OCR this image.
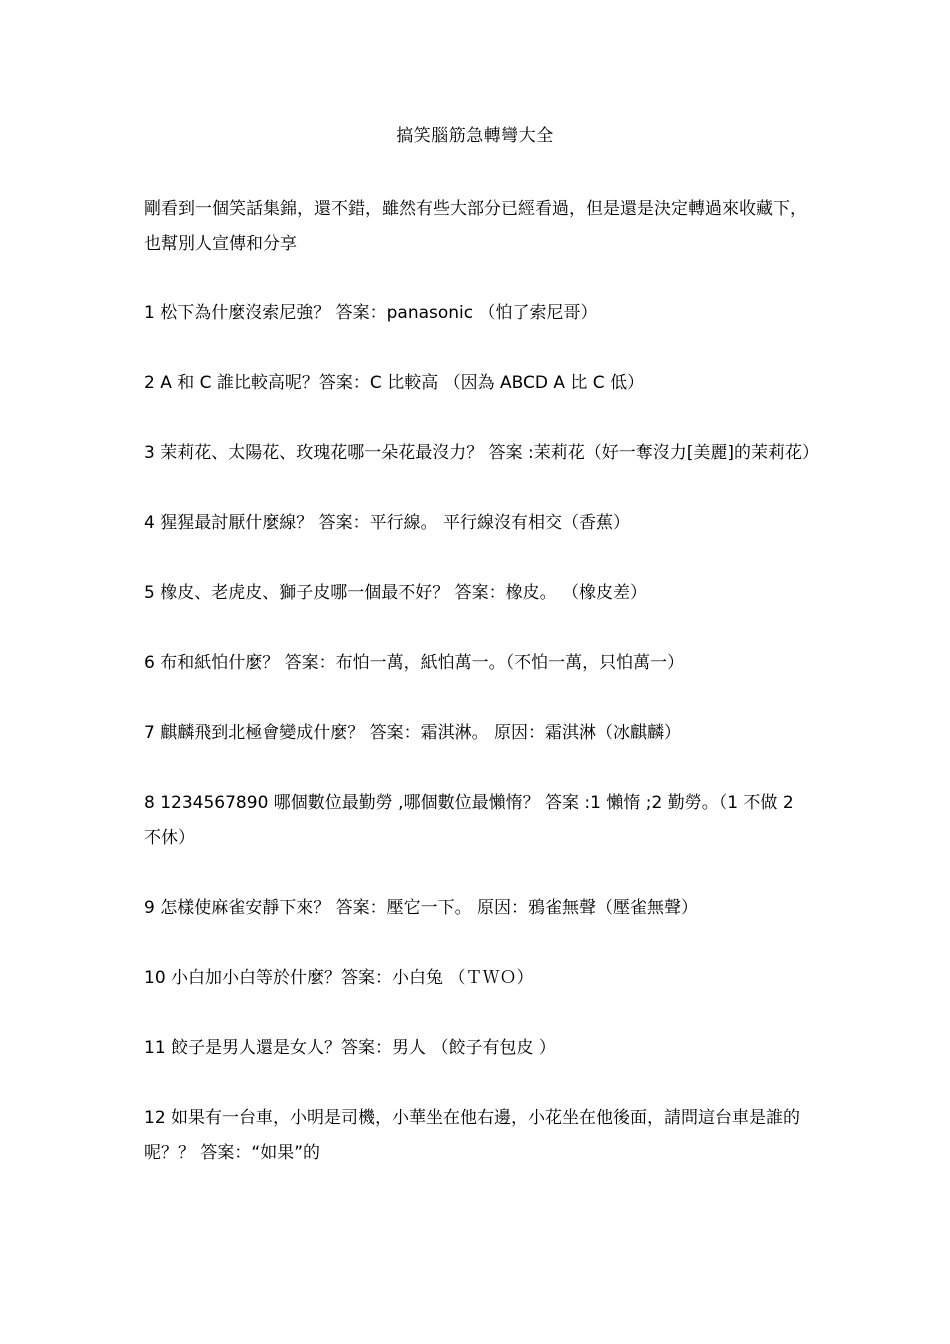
搞笑腦筋急轉彎大全

剛看到一個笑話集錦，還不錯，雖然有些大部分已經看過，但是還是決定轉過來收藏下，也幫別人宣傳和分享

1 松下為什麼沒索尼強？ 答案：panasonic （怕了索尼哥）

2 A 和 C 誰比較高呢？答案：C 比較高 （因為 ABCD A 比 C 低）

3 茉莉花、太陽花、玫瑰花哪一朵花最沒力？ 答案 :茉莉花（好一奪沒力[美麗]的茉莉花）

4 猩猩最討厭什麼線？ 答案：平行線。 平行線沒有相交（香蕉）

5 橡皮、老虎皮、獅子皮哪一個最不好？ 答案：橡皮。 （橡皮差）

6 布和紙怕什麼？ 答案：布怕一萬，紙怕萬一。（不怕一萬，只怕萬一）

7 麒麟飛到北極會變成什麼？ 答案：霜淇淋。 原因：霜淇淋（冰麒麟）

8 1234567890 哪個數位最勤勞 ,哪個數位最懶惰？ 答案 :1 懶惰 ;2 勤勞。（1 不做 2 不休）

9 怎樣使麻雀安靜下來？ 答案：壓它一下。 原因：鴉雀無聲（壓雀無聲）

10 小白加小白等於什麼？答案：小白兔 （ＴＷＯ）

11 餃子是男人還是女人？答案：男人 （餃子有包皮 ）

12 如果有一台車，小明是司機，小華坐在他右邊，小花坐在他後面，請問這台車是誰的呢？？ 答案：“如果”的
